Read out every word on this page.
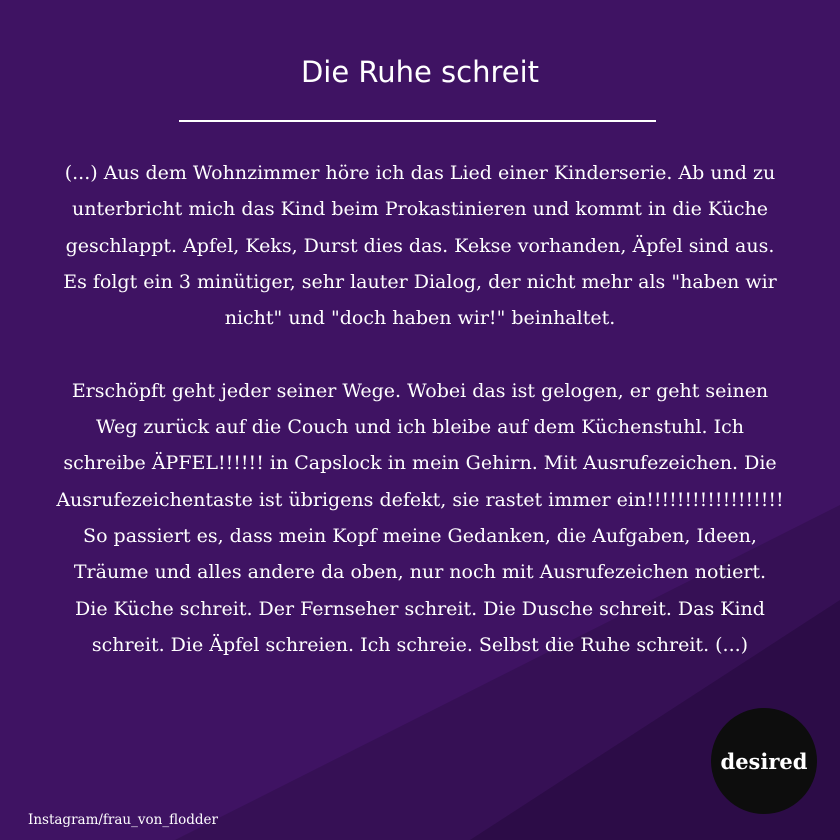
Die Ruhe schreit

(...) Aus dem Wohnzimmer höre ich das Lied einer Kinderserie. Ab und zu unterbricht mich das Kind beim Prokastinieren und kommt in die Küche geschlappt. Apfel, Keks, Durst dies das. Kekse vorhanden, Äpfel sind aus. Es folgt ein 3 minütiger, sehr lauter Dialog, der nicht mehr als "haben wir nicht" und "doch haben wir!" beinhaltet.

Erschöpft geht jeder seiner Wege. Wobei das ist gelogen, er geht seinen Weg zurück auf die Couch und ich bleibe auf dem Küchenstuhl. Ich schreibe ÄPFEL!!!!!! in Capslock in mein Gehirn. Mit Ausrufezeichen. Die Ausrufezeichentaste ist übrigens defekt, sie rastet immer ein!!!!!!!!!!!!!!!!!! So passiert es, dass mein Kopf meine Gedanken, die Aufgaben, Ideen, Träume und alles andere da oben, nur noch mit Ausrufezeichen notiert. Die Küche schreit. Der Fernseher schreit. Die Dusche schreit. Das Kind schreit. Die Äpfel schreien. Ich schreie. Selbst die Ruhe schreit. (...)

desired
Instagram/frau_von_flodder
